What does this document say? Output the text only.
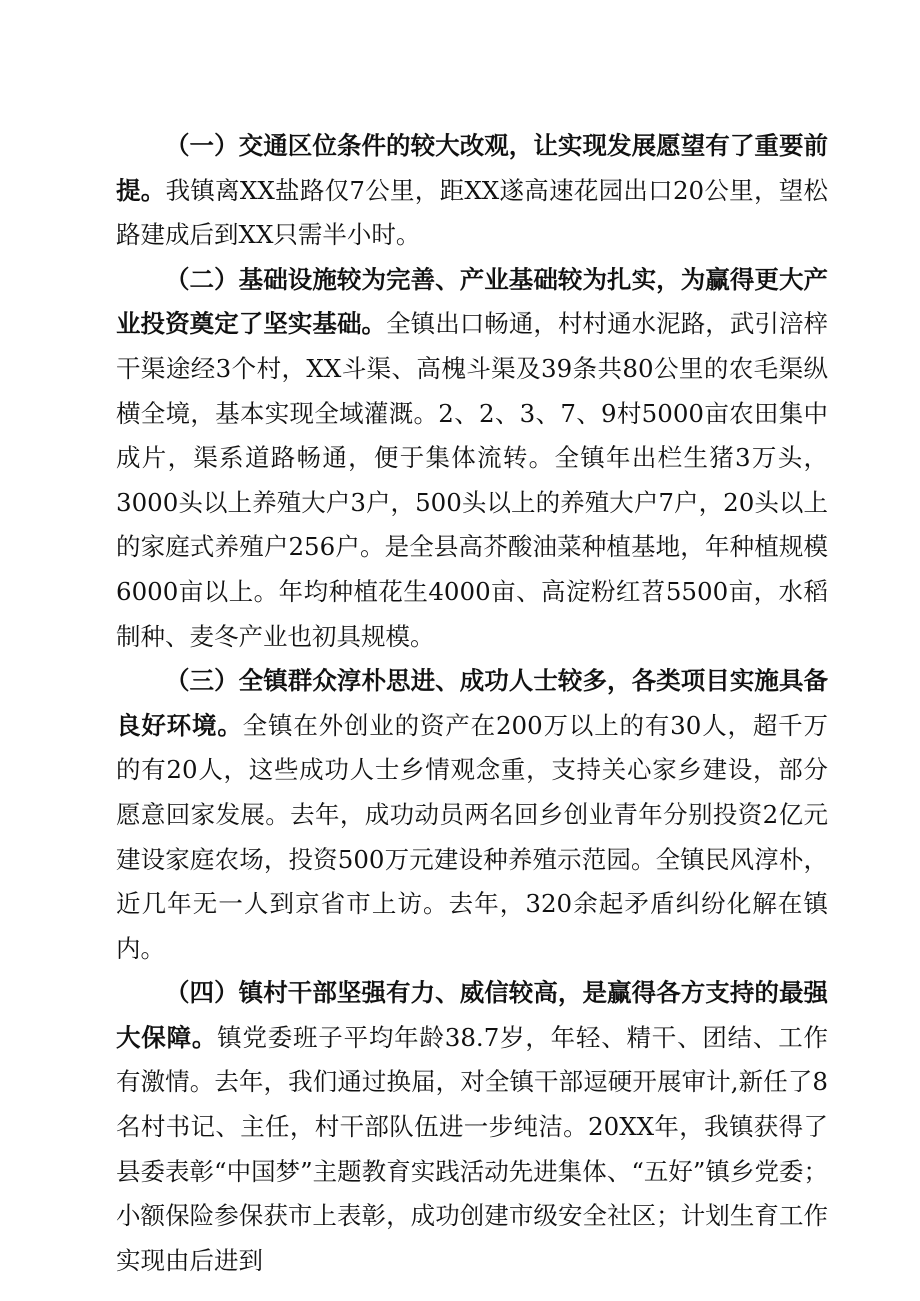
（一）交通区位条件的较大改观，让实现发展愿望有了重要前提。我镇离XX盐路仅7公里，距XX遂高速花园出口20公里，望松路建成后到XX只需半小时。

（二）基础设施较为完善、产业基础较为扎实，为赢得更大产业投资奠定了坚实基础。全镇出口畅通，村村通水泥路，武引涪梓干渠途经3个村，XX斗渠、高槐斗渠及39条共80公里的农毛渠纵横全境，基本实现全域灌溉。2、2、3、7、9村5000亩农田集中成片，渠系道路畅通，便于集体流转。全镇年出栏生猪3万头，3000头以上养殖大户3户，500头以上的养殖大户7户，20头以上的家庭式养殖户256户。是全县高芥酸油菜种植基地，年种植规模6000亩以上。年均种植花生4000亩、高淀粉红苕5500亩，水稻制种、麦冬产业也初具规模。

（三）全镇群众淳朴思进、成功人士较多，各类项目实施具备良好环境。全镇在外创业的资产在200万以上的有30人，超千万的有20人，这些成功人士乡情观念重，支持关心家乡建设，部分愿意回家发展。去年，成功动员两名回乡创业青年分别投资2亿元建设家庭农场，投资500万元建设种养殖示范园。全镇民风淳朴，近几年无一人到京省市上访。去年，320余起矛盾纠纷化解在镇内。

（四）镇村干部坚强有力、威信较高，是赢得各方支持的最强大保障。镇党委班子平均年龄38.7岁，年轻、精干、团结、工作有激情。去年，我们通过换届，对全镇干部逗硬开展审计,新任了8名村书记、主任，村干部队伍进一步纯洁。20XX年，我镇获得了县委表彰“中国梦”主题教育实践活动先进集体、“五好”镇乡党委；小额保险参保获市上表彰，成功创建市级安全社区；计划生育工作实现由后进到
